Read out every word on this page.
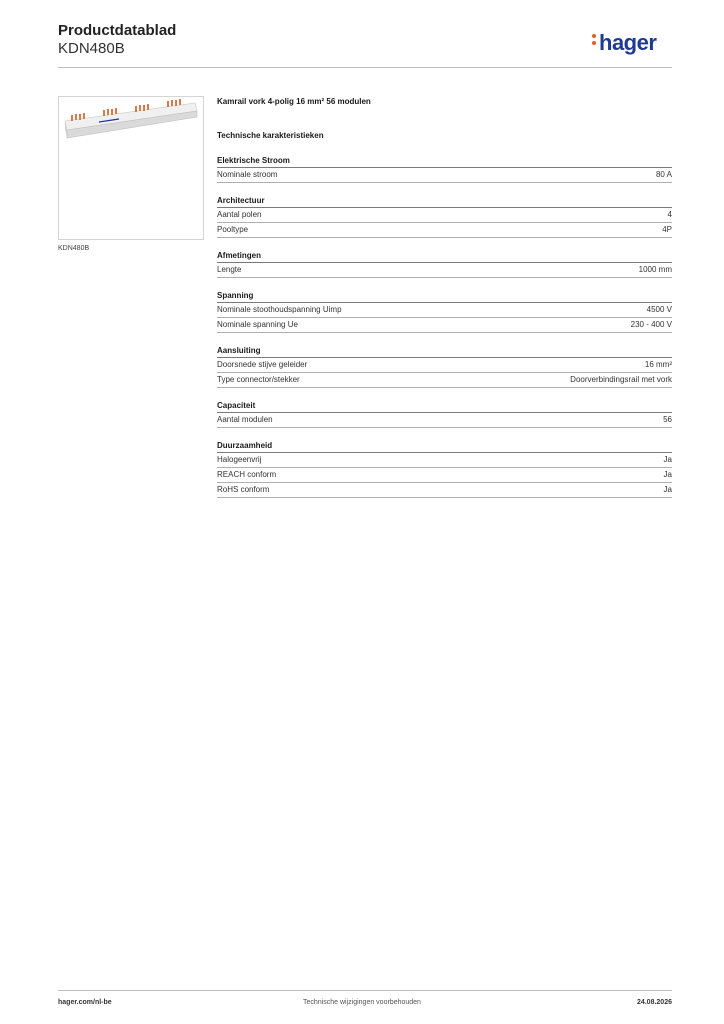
Productdatablad
KDN480B	hager
KDN480B
Kamrail vork 4-polig 16 mm² 56 modulen
Technische karakteristieken
Elektrische Stroom
Nominale stroom	80 A
Architectuur
Aantal polen	4
Pooltype	4P
Afmetingen
Lengte	1000 mm
Spanning
Nominale stoothoudspanning Uimp	4500 V
Nominale spanning Ue	230 - 400 V
Aansluiting
Doorsnede stijve geleider	16 mm²
Type connector/stekker	Doorverbindingsrail met vork
Capaciteit
Aantal modulen	56
Duurzaamheid
Halogeenvrij	Ja
REACH conform	Ja
RoHS conform	Ja
hager.com/nl-be	Technische wijzigingen voorbehouden	24.08.2026
